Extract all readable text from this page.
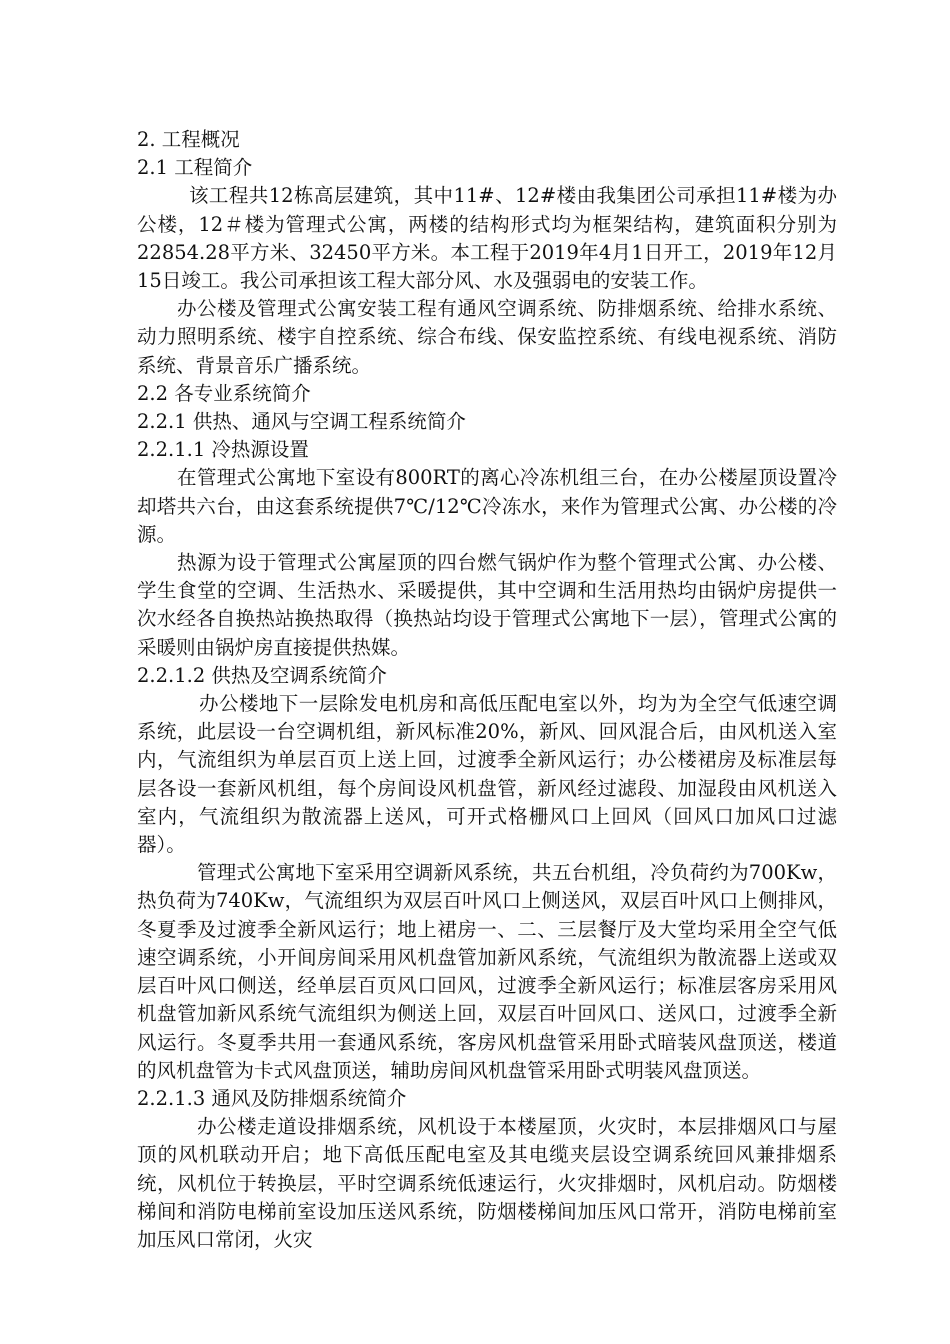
2. 工程概况

2.1 工程简介

该工程共12栋高层建筑，其中11#、12#楼由我集团公司承担11#楼为办公楼，12＃楼为管理式公寓，两楼的结构形式均为框架结构，建筑面积分别为22854.28平方米、32450平方米。本工程于2019年4月1日开工，2019年12月15日竣工。我公司承担该工程大部分风、水及强弱电的安装工作。

办公楼及管理式公寓安装工程有通风空调系统、防排烟系统、给排水系统、动力照明系统、楼宇自控系统、综合布线、保安监控系统、有线电视系统、消防系统、背景音乐广播系统。

2.2 各专业系统简介

2.2.1 供热、通风与空调工程系统简介

2.2.1.1 冷热源设置

在管理式公寓地下室设有800RT的离心冷冻机组三台，在办公楼屋顶设置冷却塔共六台，由这套系统提供7℃/12℃冷冻水，来作为管理式公寓、办公楼的冷源。

热源为设于管理式公寓屋顶的四台燃气锅炉作为整个管理式公寓、办公楼、学生食堂的空调、生活热水、采暖提供，其中空调和生活用热均由锅炉房提供一次水经各自换热站换热取得（换热站均设于管理式公寓地下一层），管理式公寓的采暖则由锅炉房直接提供热媒。

2.2.1.2 供热及空调系统简介

办公楼地下一层除发电机房和高低压配电室以外，均为为全空气低速空调系统，此层设一台空调机组，新风标准20%，新风、回风混合后，由风机送入室内，气流组织为单层百页上送上回，过渡季全新风运行；办公楼裙房及标准层每层各设一套新风机组，每个房间设风机盘管，新风经过滤段、加湿段由风机送入室内，气流组织为散流器上送风，可开式格栅风口上回风（回风口加风口过滤器）。

管理式公寓地下室采用空调新风系统，共五台机组，冷负荷约为700Kw，热负荷为740Kw，气流组织为双层百叶风口上侧送风，双层百叶风口上侧排风，冬夏季及过渡季全新风运行；地上裙房一、二、三层餐厅及大堂均采用全空气低速空调系统，小开间房间采用风机盘管加新风系统，气流组织为散流器上送或双层百叶风口侧送，经单层百页风口回风，过渡季全新风运行；标准层客房采用风机盘管加新风系统气流组织为侧送上回，双层百叶回风口、送风口，过渡季全新风运行。冬夏季共用一套通风系统，客房风机盘管采用卧式暗装风盘顶送，楼道的风机盘管为卡式风盘顶送，辅助房间风机盘管采用卧式明装风盘顶送。

2.2.1.3 通风及防排烟系统简介

办公楼走道设排烟系统，风机设于本楼屋顶，火灾时，本层排烟风口与屋顶的风机联动开启；地下高低压配电室及其电缆夹层设空调系统回风兼排烟系统，风机位于转换层，平时空调系统低速运行，火灾排烟时，风机启动。防烟楼梯间和消防电梯前室设加压送风系统，防烟楼梯间加压风口常开，消防电梯前室加压风口常闭，火灾
